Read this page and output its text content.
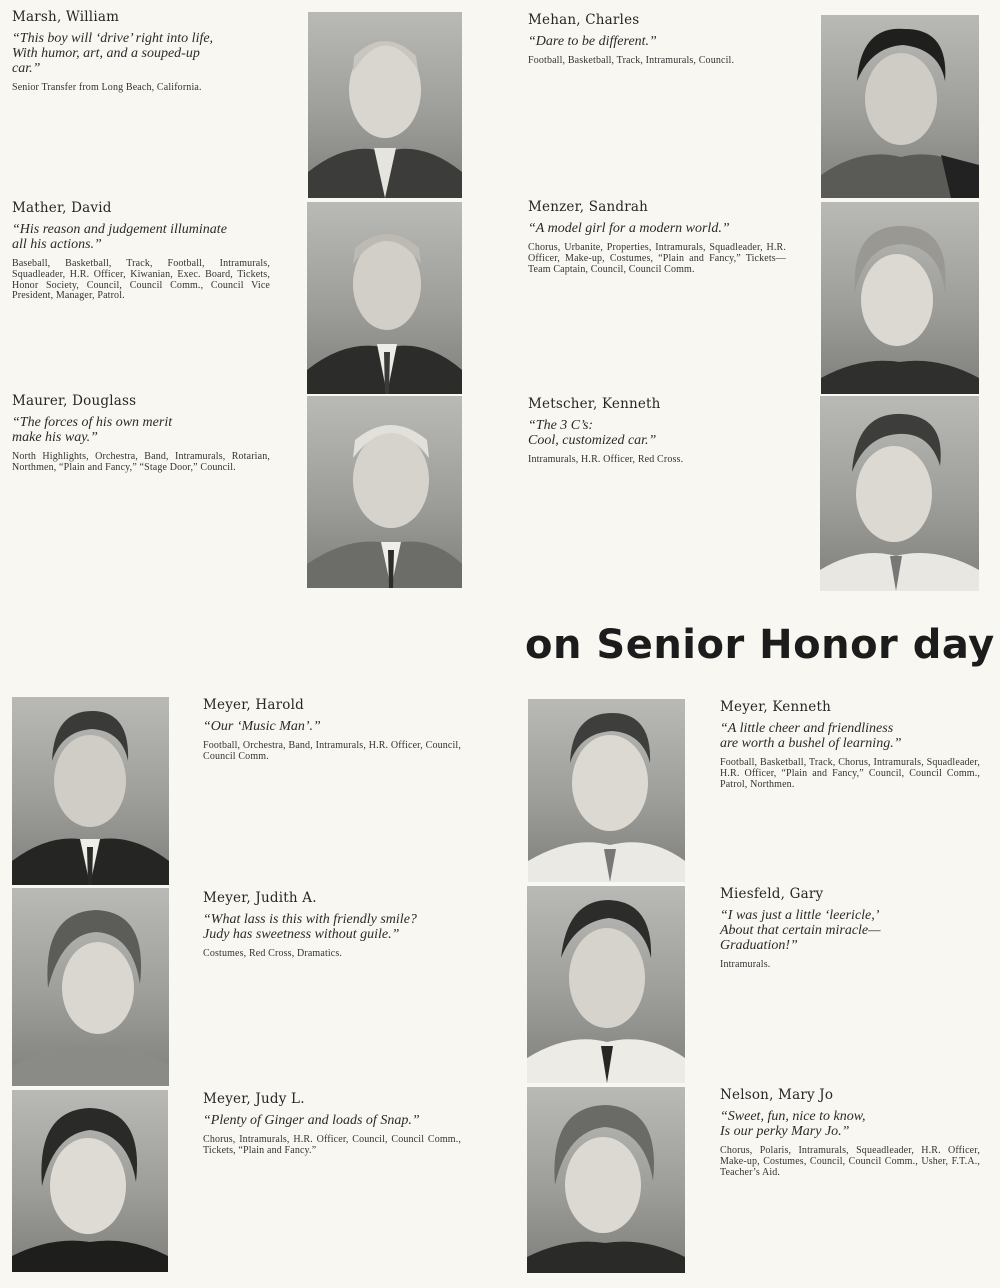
Marsh, William
“This boy will ‘drive’ right into life,
With humor, art, and a souped-up
car.”
Senior Transfer from Long Beach, California.
Mather, David
“His reason and judgement illuminate
all his actions.”
Baseball, Basketball, Track, Football, Intramurals, Squadleader, H.R. Officer, Kiwanian, Exec. Board, Tickets, Honor Society, Council, Council Comm., Council Vice President, Manager, Patrol.
Maurer, Douglass
“The forces of his own merit
make his way.”
North Highlights, Orchestra, Band, Intramurals, Rotarian, Northmen, “Plain and Fancy,” “Stage Door,” Council.
Mehan, Charles
“Dare to be different.”
Football, Basketball, Track, Intramurals, Council.
Menzer, Sandrah
“A model girl for a modern world.”
Chorus, Urbanite, Properties, Intramurals, Squadleader, H.R. Officer, Make-up, Costumes, “Plain and Fancy,” Tickets—Team Captain, Council, Council Comm.
Metscher, Kenneth
“The 3 C’s:
Cool, customized car.”
Intramurals, H.R. Officer, Red Cross.
on Senior Honor day
Meyer, Harold
“Our ‘Music Man’.”
Football, Orchestra, Band, Intramurals, H.R. Officer, Council, Council Comm.
Meyer, Judith A.
“What lass is this with friendly smile?
Judy has sweetness without guile.”
Costumes, Red Cross, Dramatics.
Meyer, Judy L.
“Plenty of Ginger and loads of Snap.”
Chorus, Intramurals, H.R. Officer, Council, Council Comm., Tickets, “Plain and Fancy.”
Meyer, Kenneth
“A little cheer and friendliness
are worth a bushel of learning.”
Football, Basketball, Track, Chorus, Intramurals, Squadleader, H.R. Officer, “Plain and Fancy,” Council, Council Comm., Patrol, Northmen.
Miesfeld, Gary
“I was just a little ‘leericle,’
About that certain miracle—
Graduation!”
Intramurals.
Nelson, Mary Jo
“Sweet, fun, nice to know,
Is our perky Mary Jo.”
Chorus, Polaris, Intramurals, Squeadleader, H.R. Officer, Make-up, Costumes, Council, Council Comm., Usher, F.T.A., Teacher’s Aid.
